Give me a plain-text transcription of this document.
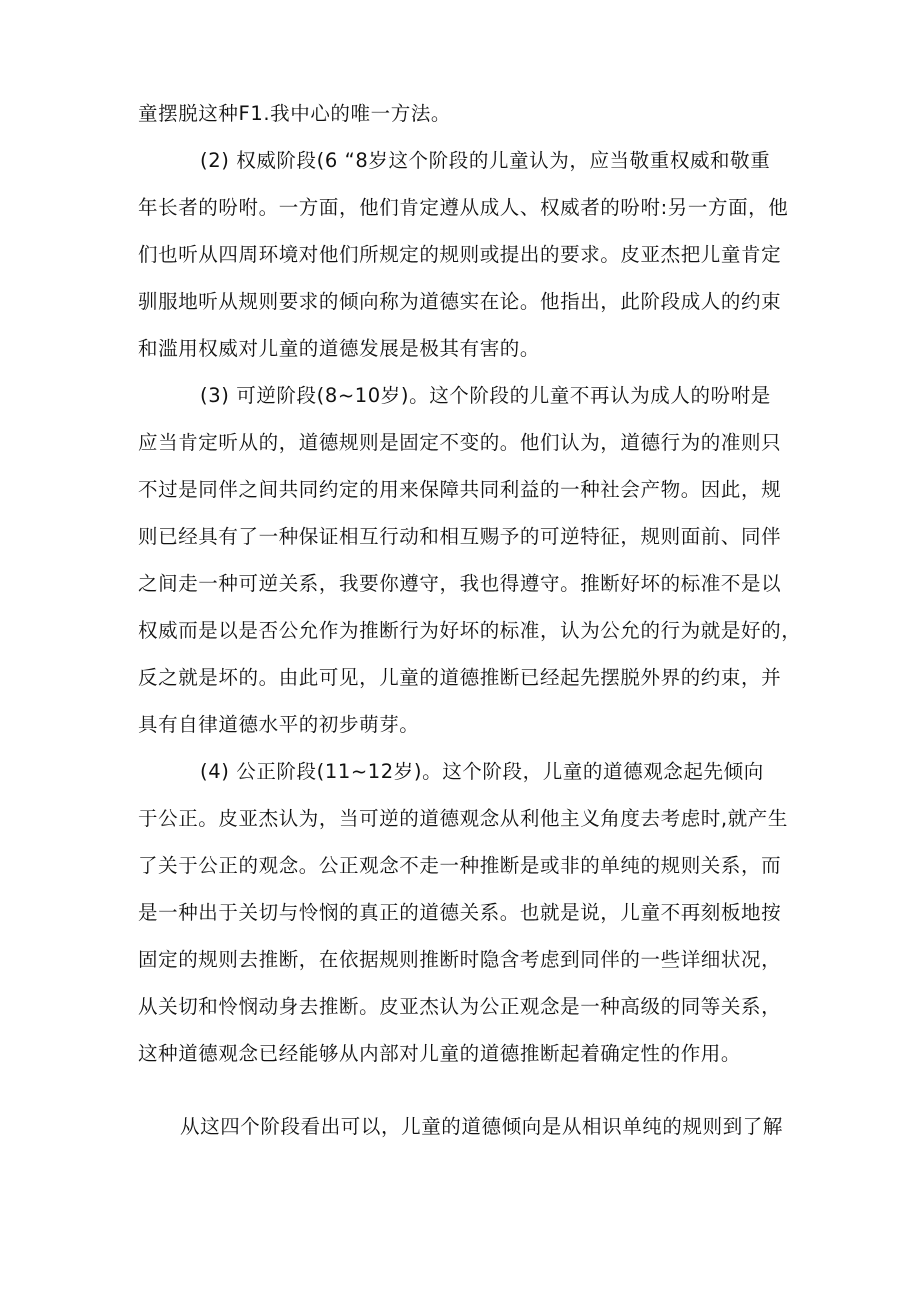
童摆脱这种F1.我中心的唯一方法。
(2) 权威阶段(6 “8岁这个阶段的儿童认为，应当敬重权威和敬重
年长者的吩咐。一方面，他们肯定遵从成人、权威者的吩咐:另一方面，他
们也听从四周环境对他们所规定的规则或提出的要求。皮亚杰把儿童肯定
驯服地听从规则要求的倾向称为道德实在论。他指出，此阶段成人的约束
和滥用权威对儿童的道德发展是极其有害的。
(3) 可逆阶段(8~10岁)。这个阶段的儿童不再认为成人的吩咐是
应当肯定听从的，道德规则是固定不变的。他们认为，道德行为的准则只
不过是同伴之间共同约定的用来保障共同利益的一种社会产物。因此，规
则已经具有了一种保证相互行动和相互赐予的可逆特征，规则面前、同伴
之间走一种可逆关系，我要你遵守，我也得遵守。推断好坏的标准不是以
权威而是以是否公允作为推断行为好坏的标准，认为公允的行为就是好的，
反之就是坏的。由此可见，儿童的道德推断已经起先摆脱外界的约束，并
具有自律道德水平的初步萌芽。
(4) 公正阶段(11~12岁)。这个阶段，儿童的道德观念起先倾向
于公正。皮亚杰认为，当可逆的道德观念从利他主义角度去考虑时,就产生
了关于公正的观念。公正观念不走一种推断是或非的单纯的规则关系，而
是一种出于关切与怜悯的真正的道德关系。也就是说，儿童不再刻板地按
固定的规则去推断，在依据规则推断时隐含考虑到同伴的一些详细状况，
从关切和怜悯动身去推断。皮亚杰认为公正观念是一种高级的同等关系，
这种道德观念已经能够从内部对儿童的道德推断起着确定性的作用。
从这四个阶段看出可以，儿童的道德倾向是从相识单纯的规则到了解
